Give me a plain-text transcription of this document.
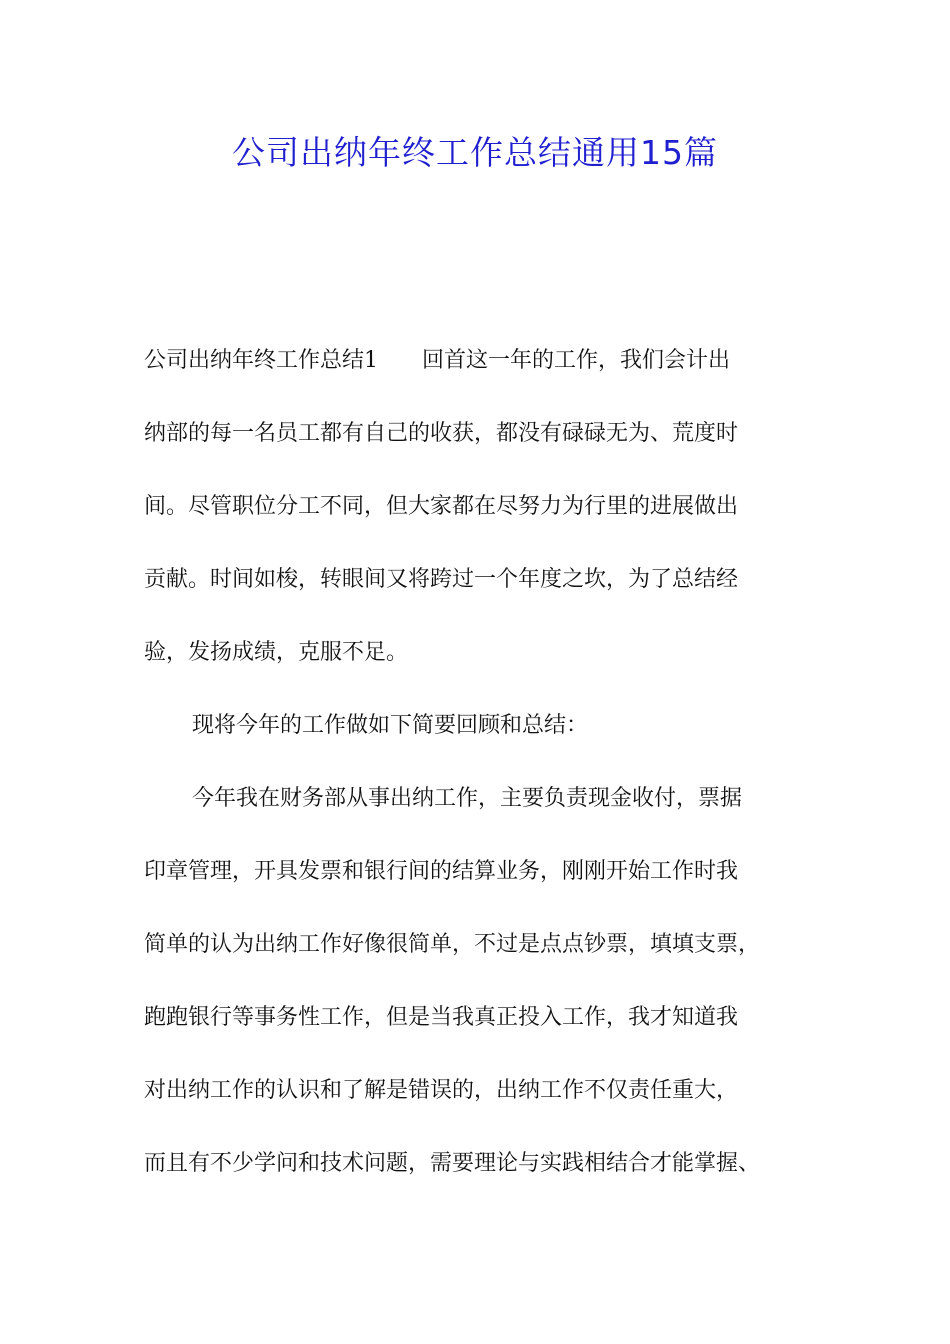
公司出纳年终工作总结通用15篇
公司出纳年终工作总结1　　回首这一年的工作，我们会计出
纳部的每一名员工都有自己的收获，都没有碌碌无为、荒度时
间。尽管职位分工不同，但大家都在尽努力为行里的进展做出
贡献。时间如梭，转眼间又将跨过一个年度之坎，为了总结经
验，发扬成绩，克服不足。
现将今年的工作做如下简要回顾和总结：
今年我在财务部从事出纳工作，主要负责现金收付，票据
印章管理，开具发票和银行间的结算业务，刚刚开始工作时我
简单的认为出纳工作好像很简单，不过是点点钞票，填填支票，
跑跑银行等事务性工作，但是当我真正投入工作，我才知道我
对出纳工作的认识和了解是错误的，出纳工作不仅责任重大，
而且有不少学问和技术问题，需要理论与实践相结合才能掌握、
